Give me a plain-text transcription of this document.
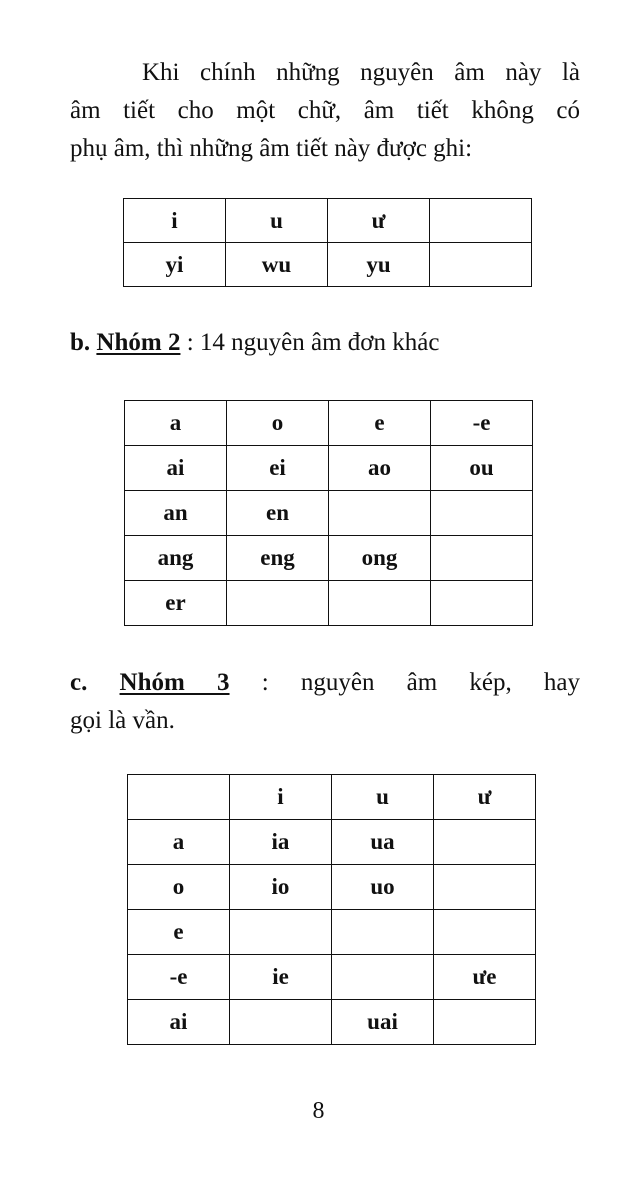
Khi chính những nguyên âm này là
âm tiết cho một chữ, âm tiết không có
phụ âm, thì những âm tiết này được ghi:
i	u	ư	
yi	wu	yu	
b. Nhóm 2 : 14 nguyên âm đơn khác
a	o	e	-e
ai	ei	ao	ou
an	en		
ang	eng	ong	
er			
c. Nhóm 3 : nguyên âm kép, hay
gọi là vần.
	i	u	ư
a	ia	ua	
o	io	uo	
e			
-e	ie		ưe
ai		uai	
8
